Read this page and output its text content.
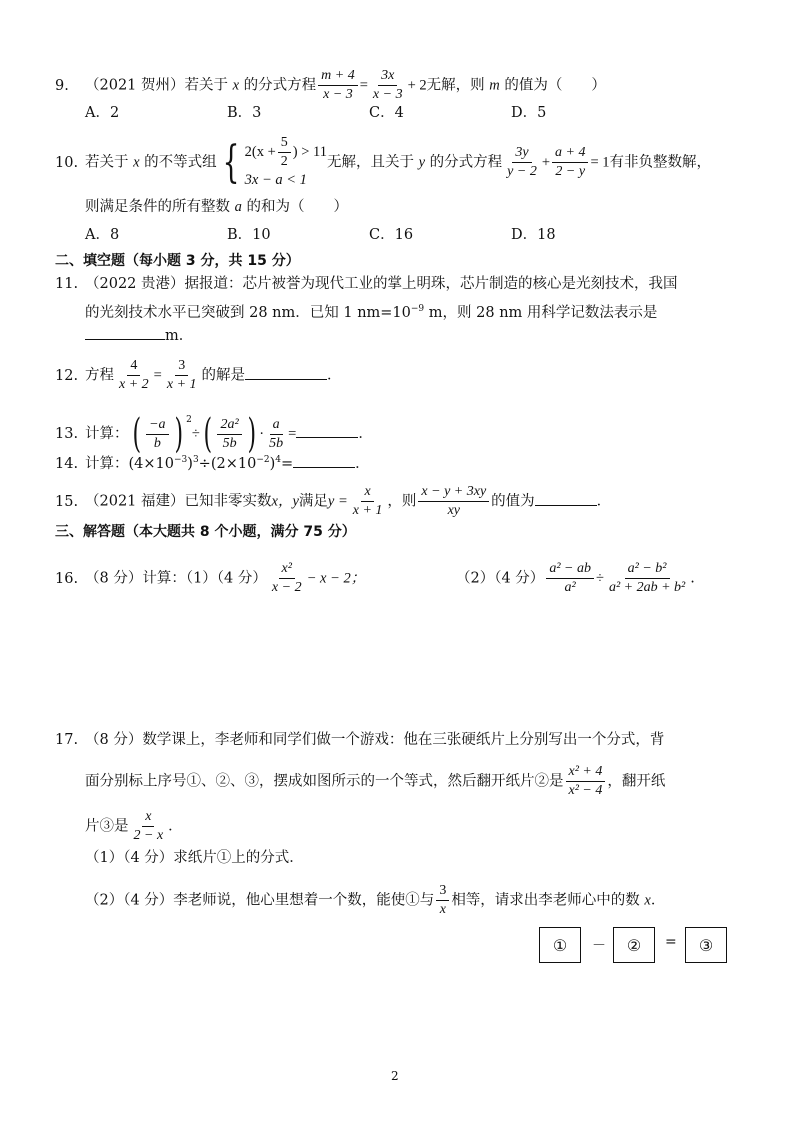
9. （2021 贺州）若关于 x 的分式方程 $\frac{m + 4}{x - 3} = \frac{3x}{x - 3} + 2$无解，则 m 的值为（　　）
A．2	B．3	C．4	D．5
10. 若关于 x 的不等式组 { $2(x + \frac{5}{2}$ ) > 11
3x − a < 1
无解，且关于 y 的分式方程 $\frac{3y}{y - 2} + \frac{a + 4}{2 - y} = 1$有非负整数解，
则满足条件的所有整数 a 的和为（　　）
A．8	B．10	C．16	D．18
二、填空题（每小题 3 分，共 15 分）
11. （2022 贵港）据报道：芯片被誉为现代工业的掌上明珠，芯片制造的核心是光刻技术，我国
的光刻技术水平已突破到 28 nm．已知 1 $nm=10^{-9}$ m，则 28 nm 用科学记数法表示是
m．
12. 方程 $\frac{4}{x + 2} = \frac{3}{x + 1}$ 的解是	．
13. 计算：( $\frac{-a}{b}$ ) $^2\div( \frac{\text{2a²}}{5b}$ ) · $\frac{a}{5b}$ =	．
14. 计算：$(4\times 10^{-3})^3\div(2\times 10^{-2})^4=$	．
15. （2021 福建）已知非零实数x，y满足$y = \frac{x}{x + 1}$ ，则 $\frac{x - y + 3xy}{xy}$ 的值为	．
三、解答题（本大题共 8 个小题，满分 75 分）
16. （8 分）计算：（1）（4 分） $\frac{\text{x²}}{x - 2} - x - 2$；	（2）（4 分） $\frac{\text{a² − ab}}{\text{a²}} \div \frac{\text{a² − b²}}{\text{a² + 2ab + b²}}$ .
17. （8 分）数学课上，李老师和同学们做一个游戏：他在三张硬纸片上分别写出一个分式，背
面分别标上序号①、②、③，摆成如图所示的一个等式，然后翻开纸片②是 $\frac{\text{x² + 4}}{\text{x² − 4}}$ ，翻开纸
片③是 $\frac{x}{2 - x}$ ．
（1）（4 分）求纸片①上的分式．
（2）（4 分）李老师说，他心里想着一个数，能使①与 $\frac{3}{x}$ 相等，请求出李老师心中的数 x．
①	－	②	=	③
2
